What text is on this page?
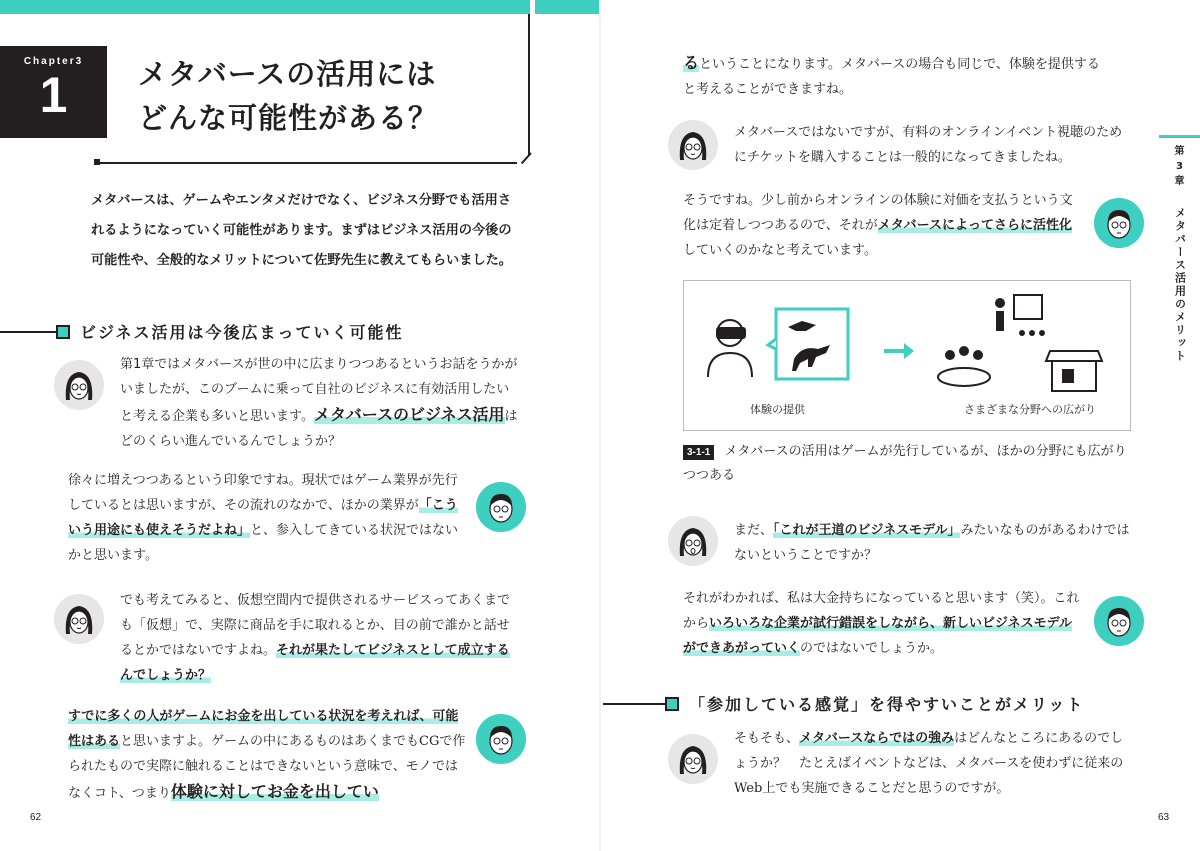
Chapter3
1	メタバースの活用には
どんな可能性がある？

メタバースは、ゲームやエンタメだけでなく、ビジネス分野でも活用されるようになっていく可能性があります。まずはビジネス活用の今後の可能性や、全般的なメリットについて佐野先生に教えてもらいました。

ビジネス活用は今後広まっていく可能性

第1章ではメタバースが世の中に広まりつつあるというお話をうかがいましたが、このブームに乗って自社のビジネスに有効活用したいと考える企業も多いと思います。メタバースのビジネス活用はどのくらい進んでいるんでしょうか？

徐々に増えつつあるという印象ですね。現状ではゲーム業界が先行しているとは思いますが、その流れのなかで、ほかの業界が「こういう用途にも使えそうだよね」と、参入してきている状況ではないかと思います。

でも考えてみると、仮想空間内で提供されるサービスってあくまでも「仮想」で、実際に商品を手に取れるとか、目の前で誰かと話せるとかではないですよね。それが果たしてビジネスとして成立するんでしょうか？

すでに多くの人がゲームにお金を出している状況を考えれば、可能性はあると思いますよ。ゲームの中にあるものはあくまでもCGで作られたもので実際に触れることはできないという意味で、モノではなくコト、つまり体験に対してお金を出してい

62

るということになります。メタバースの場合も同じで、体験を提供すると考えることができますね。

メタバースではないですが、有料のオンラインイベント視聴のためにチケットを購入することは一般的になってきましたね。

そうですね。少し前からオンラインの体験に対価を支払うという文化は定着しつつあるので、それがメタバースによってさらに活性化していくのかなと考えています。

体験の提供	さまざまな分野への広がり
3-1-1 メタバースの活用はゲームが先行しているが、ほかの分野にも広がりつつある

まだ、「これが王道のビジネスモデル」みたいなものがあるわけではないということですか？

それがわかれば、私は大金持ちになっていると思います（笑）。これからいろいろな企業が試行錯誤をしながら、新しいビジネスモデルができあがっていくのではないでしょうか。

「参加している感覚」を得やすいことがメリット

そもそも、メタバースならではの強みはどんなところにあるのでしょうか？　たとえばイベントなどは、メタバースを使わずに従来のWeb上でも実施できることだと思うのですが。

第
3
章
メタバース活用のメリット
63
